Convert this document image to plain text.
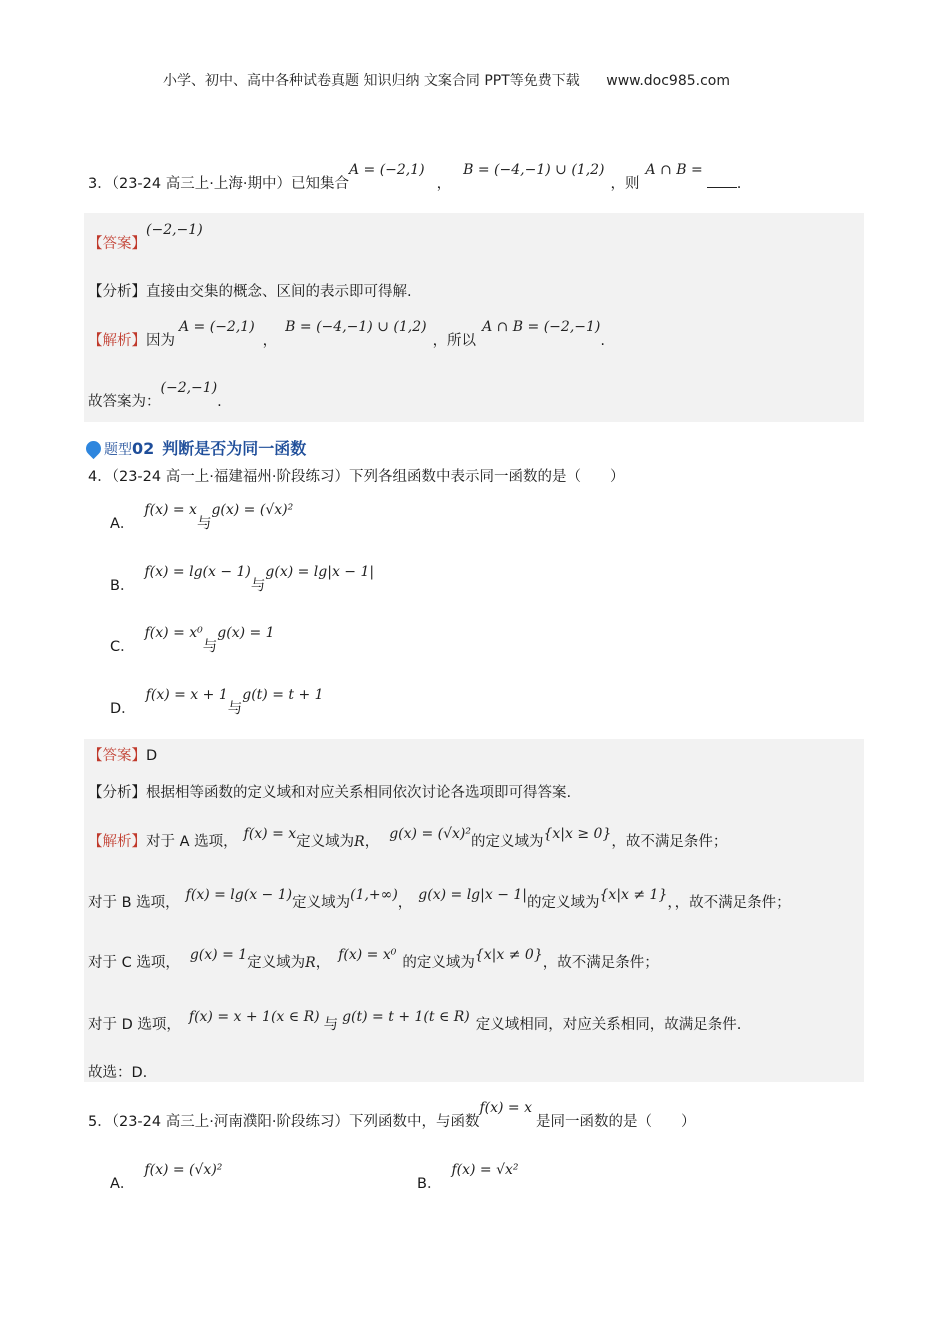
小学、初中、高中各种试卷真题 知识归纳 文案合同 PPT等免费下载 www.doc985.com
3．（23-24 高三上·上海·期中）已知集合A = (−2,1)，B = (−4,−1) ∪ (1,2)，则A ∩ B =.
【答案】(−2,−1)
【分析】直接由交集的概念、区间的表示即可得解.
【解析】因为A = (−2,1)，B = (−4,−1) ∪ (1,2)，所以A ∩ B = (−2,−1).
故答案为：(−2,−1).
题型02 判断是否为同一函数
4．（23-24 高一上·福建福州·阶段练习）下列各组函数中表示同一函数的是（　　）
A．f(x) = x与g(x) = (√x)²
B．f(x) = lg(x − 1)与g(x) = lg|x − 1|
C．f(x) = x⁰与g(x) = 1
D．f(x) = x + 1与g(t) = t + 1
【答案】D
【分析】根据相等函数的定义域和对应关系相同依次讨论各选项即可得答案.
【解析】对于 A 选项， f(x) = x定义域为R， g(x) = (√x)²的定义域为{x|x ≥ 0}，故不满足条件；
对于 B 选项， f(x) = lg(x − 1)定义域为(1,+∞)， g(x) = lg|x − 1|的定义域为{x|x ≠ 1}，，故不满足条件；
对于 C 选项， g(x) = 1定义域为R， f(x) = x⁰ 的定义域为{x|x ≠ 0}，故不满足条件；
对于 D 选项， f(x) = x + 1(x ∈ R) 与 g(t) = t + 1(t ∈ R) 定义域相同，对应关系相同，故满足条件.
故选：D.
5．（23-24 高三上·河南濮阳·阶段练习）下列函数中，与函数f(x) = x是同一函数的是（　　）
A．f(x) = (√x)²
B．f(x) = √x²
